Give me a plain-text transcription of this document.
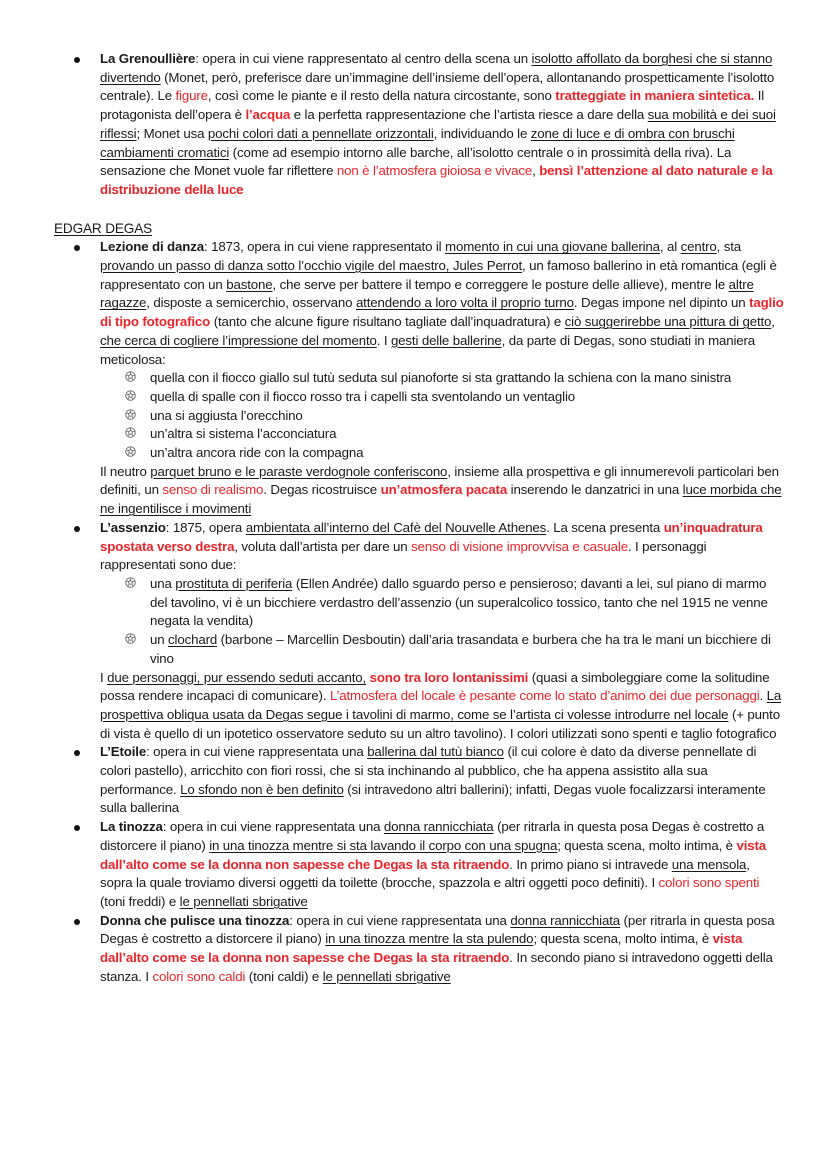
La Grenoullière: opera in cui viene rappresentato al centro della scena un isolotto affollato da borghesi che si stanno divertendo (Monet, però, preferisce dare un’immagine dell’insieme dell’opera, allontanando prospetticamente l’isolotto centrale). Le figure, così come le piante e il resto della natura circostante, sono tratteggiate in maniera sintetica. Il protagonista dell’opera è l’acqua e la perfetta rappresentazione che l’artista riesce a dare della sua mobilità e dei suoi riflessi; Monet usa pochi colori dati a pennellate orizzontali, individuando le zone di luce e di ombra con bruschi cambiamenti cromatici (come ad esempio intorno alle barche, all’isolotto centrale o in prossimità della riva). La sensazione che Monet vuole far riflettere non è l’atmosfera gioiosa e vivace, bensì l’attenzione al dato naturale e la distribuzione della luce

EDGAR DEGAS

Lezione di danza: 1873, opera in cui viene rappresentato il momento in cui una giovane ballerina, al centro, sta provando un passo di danza sotto l’occhio vigile del maestro, Jules Perrot, un famoso ballerino in età romantica (egli è rappresentato con un bastone, che serve per battere il tempo e correggere le posture delle allieve), mentre le altre ragazze, disposte a semicerchio, osservano attendendo a loro volta il proprio turno. Degas impone nel dipinto un taglio di tipo fotografico (tanto che alcune figure risultano tagliate dall’inquadratura) e ciò suggerirebbe una pittura di getto, che cerca di cogliere l’impressione del momento. I gesti delle ballerine, da parte di Degas, sono studiati in maniera meticolosa:

quella con il fiocco giallo sul tutù seduta sul pianoforte si sta grattando la schiena con la mano sinistra
quella di spalle con il fiocco rosso tra i capelli sta sventolando un ventaglio
una si aggiusta l’orecchino
un’altra si sistema l’acconciatura
un’altra ancora ride con la compagna

Il neutro parquet bruno e le paraste verdognole conferiscono, insieme alla prospettiva e gli innumerevoli particolari ben definiti, un senso di realismo. Degas ricostruisce un’atmosfera pacata inserendo le danzatrici in una luce morbida che ne ingentilisce i movimenti

L’assenzio: 1875, opera ambientata all’interno del Cafè del Nouvelle Athenes. La scena presenta un’inquadratura spostata verso destra, voluta dall’artista per dare un senso di visione improvvisa e casuale. I personaggi rappresentati sono due:

una prostituta di periferia (Ellen Andrée) dallo sguardo perso e pensieroso; davanti a lei, sul piano di marmo del tavolino, vi è un bicchiere verdastro dell’assenzio (un superalcolico tossico, tanto che nel 1915 ne venne negata la vendita)
un clochard (barbone – Marcellin Desboutin) dall’aria trasandata e burbera che ha tra le mani un bicchiere di vino

I due personaggi, pur essendo seduti accanto, sono tra loro lontanissimi (quasi a simboleggiare come la solitudine possa rendere incapaci di comunicare). L’atmosfera del locale è pesante come lo stato d’animo dei due personaggi. La prospettiva obliqua usata da Degas segue i tavolini di marmo, come se l’artista ci volesse introdurre nel locale (+ punto di vista è quello di un ipotetico osservatore seduto su un altro tavolino). I colori utilizzati sono spenti e taglio fotografico

L’Etoile: opera in cui viene rappresentata una ballerina dal tutù bianco (il cui colore è dato da diverse pennellate di colori pastello), arricchito con fiori rossi, che si sta inchinando al pubblico, che ha appena assistito alla sua performance. Lo sfondo non è ben definito (si intravedono altri ballerini); infatti, Degas vuole focalizzarsi interamente sulla ballerina

La tinozza: opera in cui viene rappresentata una donna rannicchiata (per ritrarla in questa posa Degas è costretto a distorcere il piano) in una tinozza mentre si sta lavando il corpo con una spugna; questa scena, molto intima, è vista dall’alto come se la donna non sapesse che Degas la sta ritraendo. In primo piano si intravede una mensola, sopra la quale troviamo diversi oggetti da toilette (brocche, spazzola e altri oggetti poco definiti). I colori sono spenti (toni freddi) e le pennellati sbrigative

Donna che pulisce una tinozza: opera in cui viene rappresentata una donna rannicchiata (per ritrarla in questa posa Degas è costretto a distorcere il piano) in una tinozza mentre la sta pulendo; questa scena, molto intima, è vista dall’alto come se la donna non sapesse che Degas la sta ritraendo. In secondo piano si intravedono oggetti della stanza. I colori sono caldi (toni caldi) e le pennellati sbrigative
